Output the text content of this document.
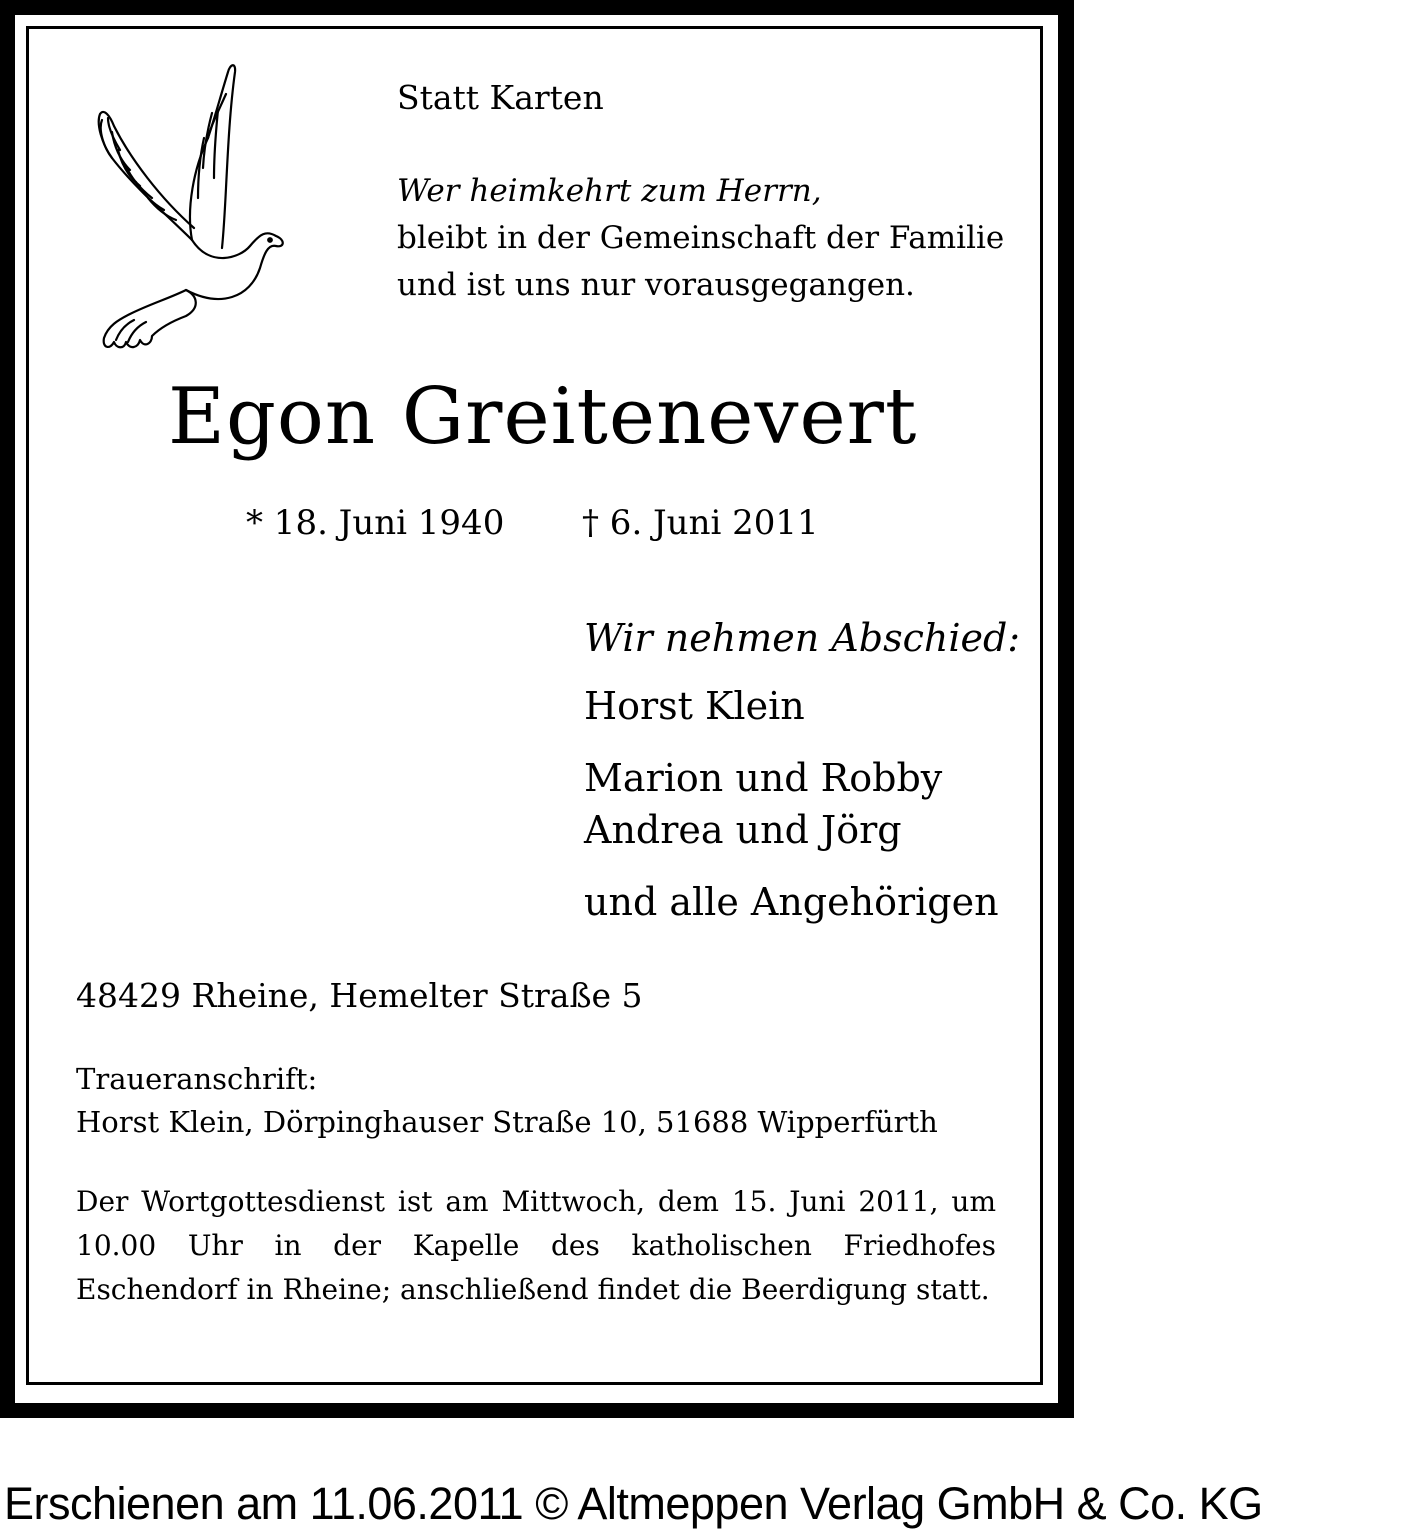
Statt Karten
Wer heimkehrt zum Herrn,
bleibt in der Gemeinschaft der Familie
und ist uns nur vorausgegangen.
Egon Greitenevert
* 18. Juni 1940 † 6. Juni 2011
Wir nehmen Abschied:
Horst Klein
Marion und Robby
Andrea und Jörg
und alle Angehörigen
48429 Rheine, Hemelter Straße 5
Traueranschrift:
Horst Klein, Dörpinghauser Straße 10, 51688 Wipperfürth
Der Wortgottesdienst ist am Mittwoch, dem 15. Juni 2011, um 10.00 Uhr in der Kapelle des katholischen Friedhofes Eschendorf in Rheine; anschließend findet die Beerdigung statt.
Erschienen am 11.06.2011 © Altmeppen Verlag GmbH & Co. KG
